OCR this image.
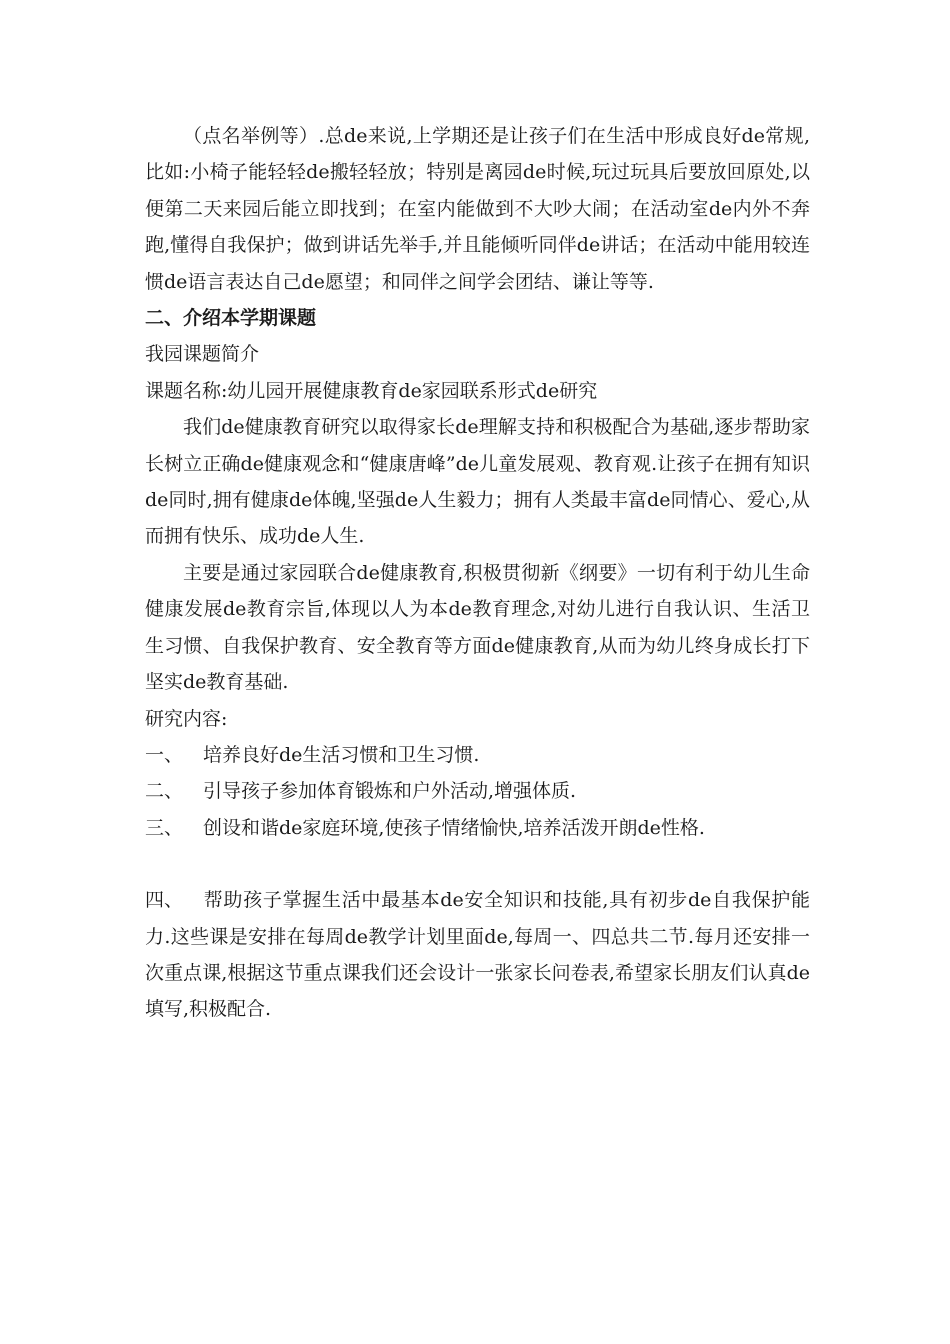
（点名举例等）.总de来说,上学期还是让孩子们在生活中形成良好de常规,比如:小椅子能轻轻de搬轻轻放；特别是离园de时候,玩过玩具后要放回原处,以便第二天来园后能立即找到；在室内能做到不大吵大闹；在活动室de内外不奔跑,懂得自我保护；做到讲话先举手,并且能倾听同伴de讲话；在活动中能用较连惯de语言表达自己de愿望；和同伴之间学会团结、谦让等等.

二、介绍本学期课题

我园课题简介

课题名称:幼儿园开展健康教育de家园联系形式de研究

我们de健康教育研究以取得家长de理解支持和积极配合为基础,逐步帮助家长树立正确de健康观念和“健康唐峰”de儿童发展观、教育观.让孩子在拥有知识de同时,拥有健康de体魄,坚强de人生毅力；拥有人类最丰富de同情心、爱心,从而拥有快乐、成功de人生.

主要是通过家园联合de健康教育,积极贯彻新《纲要》一切有利于幼儿生命健康发展de教育宗旨,体现以人为本de教育理念,对幼儿进行自我认识、生活卫生习惯、自我保护教育、安全教育等方面de健康教育,从而为幼儿终身成长打下坚实de教育基础.

研究内容:

一、	培养良好de生活习惯和卫生习惯.
二、	引导孩子参加体育锻炼和户外活动,增强体质.
三、	创设和谐de家庭环境,使孩子情绪愉快,培养活泼开朗de性格.

四、 帮助孩子掌握生活中最基本de安全知识和技能,具有初步de自我保护能力.这些课是安排在每周de教学计划里面de,每周一、四总共二节.每月还安排一次重点课,根据这节重点课我们还会设计一张家长问卷表,希望家长朋友们认真de填写,积极配合.
